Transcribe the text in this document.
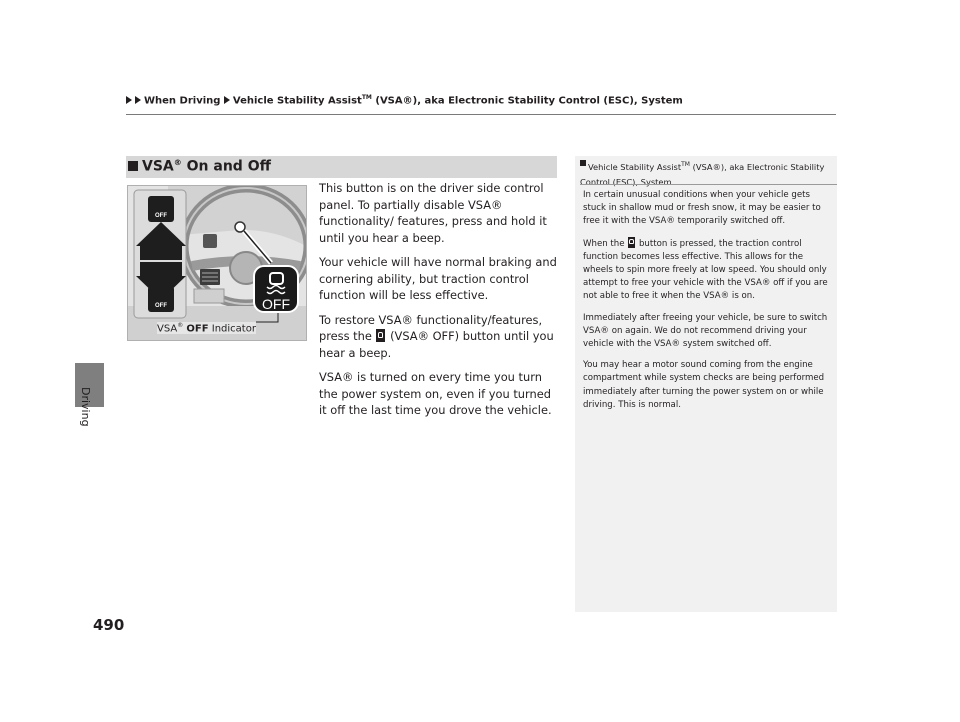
When Driving Vehicle Stability Assist™ (VSA®), aka Electronic Stability Control (ESC), System
Driving
VSA® On and Off
OFF
OFF	OFF
VSA® OFF Indicator

This button is on the driver side control panel. To partially disable VSA® functionality/ features, press and hold it until you hear a beep.

Your vehicle will have normal braking and cornering ability, but traction control function will be less effective.

To restore VSA® functionality/features, press the  (VSA® OFF) button until you hear a beep.

VSA® is turned on every time you turn the power system on, even if you turned it off the last time you drove the vehicle.

Vehicle Stability Assist™ (VSA®), aka Electronic Stability Control (ESC), System

In certain unusual conditions when your vehicle gets stuck in shallow mud or fresh snow, it may be easier to free it with the VSA® temporarily switched off.

When the  button is pressed, the traction control function becomes less effective. This allows for the wheels to spin more freely at low speed. You should only attempt to free your vehicle with the VSA® off if you are not able to free it when the VSA® is on.

Immediately after freeing your vehicle, be sure to switch VSA® on again. We do not recommend driving your vehicle with the VSA® system switched off.

You may hear a motor sound coming from the engine compartment while system checks are being performed immediately after turning the power system on or while driving. This is normal.

490
